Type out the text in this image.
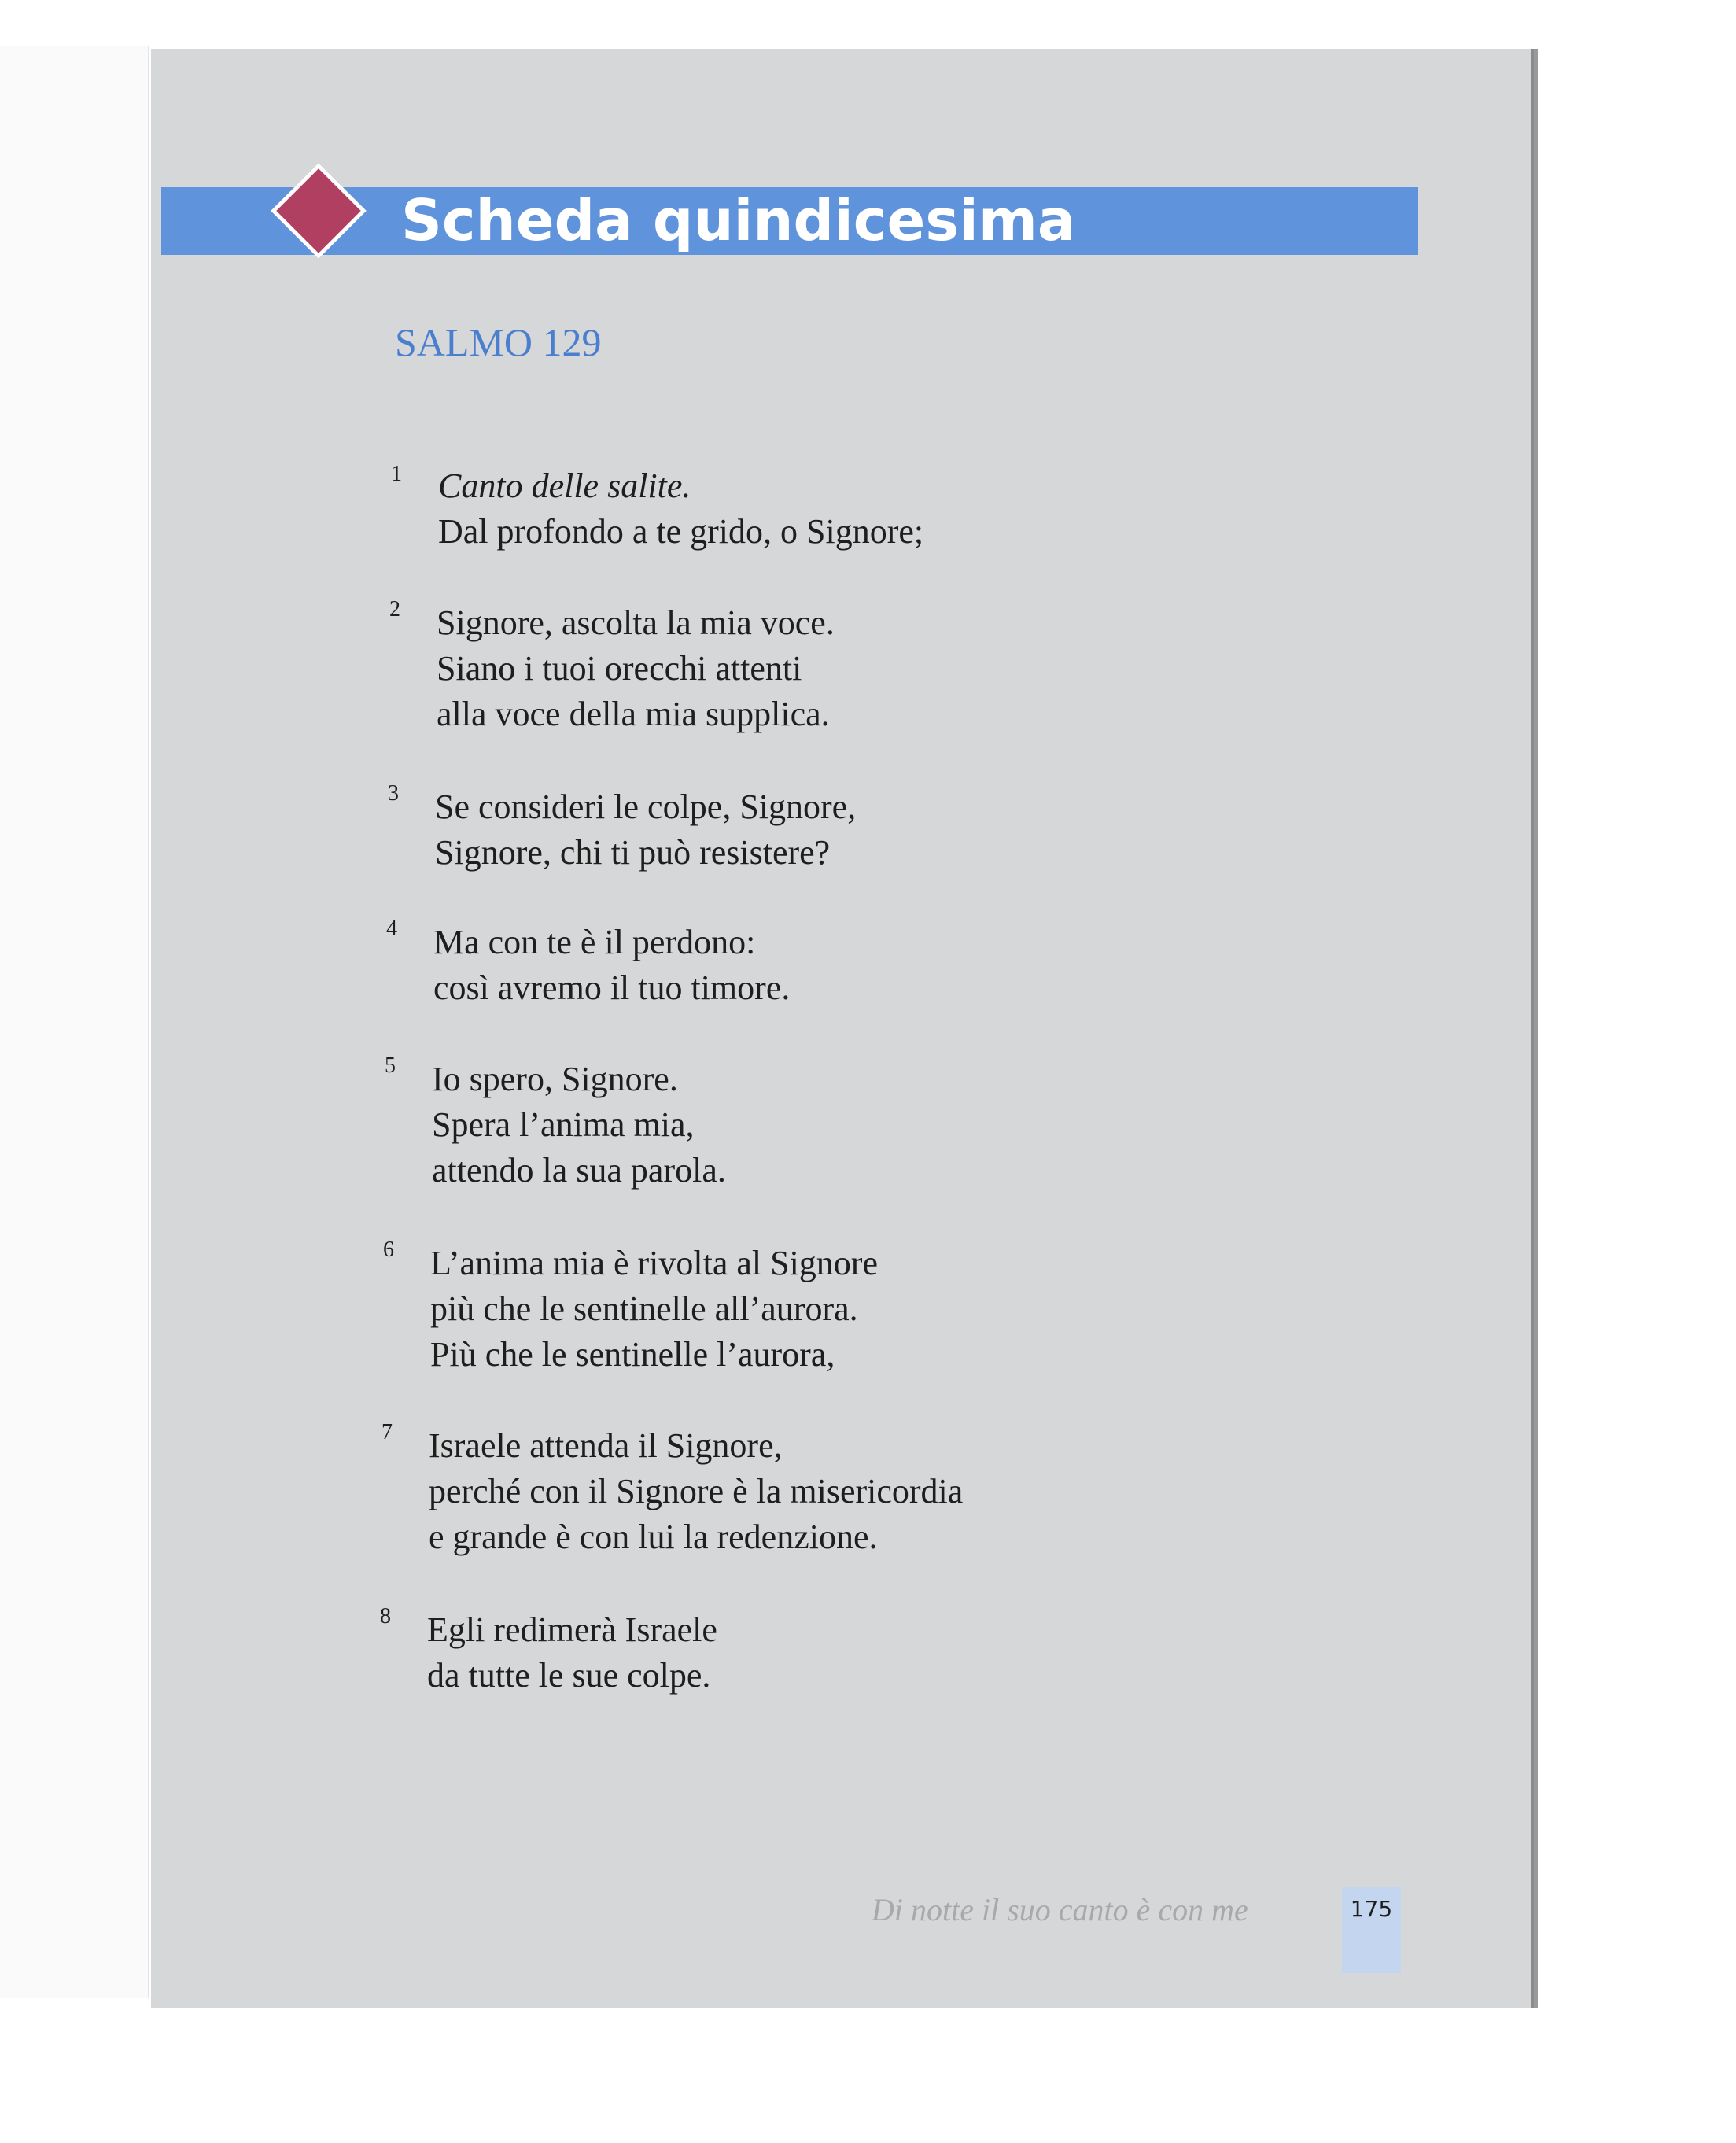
Scheda quindicesima
SALMO 129
1 Canto delle salite.
Dal profondo a te grido, o Signore;
2 Signore, ascolta la mia voce.
Siano i tuoi orecchi attenti
alla voce della mia supplica.
3 Se consideri le colpe, Signore,
Signore, chi ti può resistere?
4 Ma con te è il perdono:
così avremo il tuo timore.
5 Io spero, Signore.
Spera l’anima mia,
attendo la sua parola.
6 L’anima mia è rivolta al Signore
più che le sentinelle all’aurora.
Più che le sentinelle l’aurora,
7 Israele attenda il Signore,
perché con il Signore è la misericordia
e grande è con lui la redenzione.
8 Egli redimerà Israele
da tutte le sue colpe.
Di notte il suo canto è con me	175
